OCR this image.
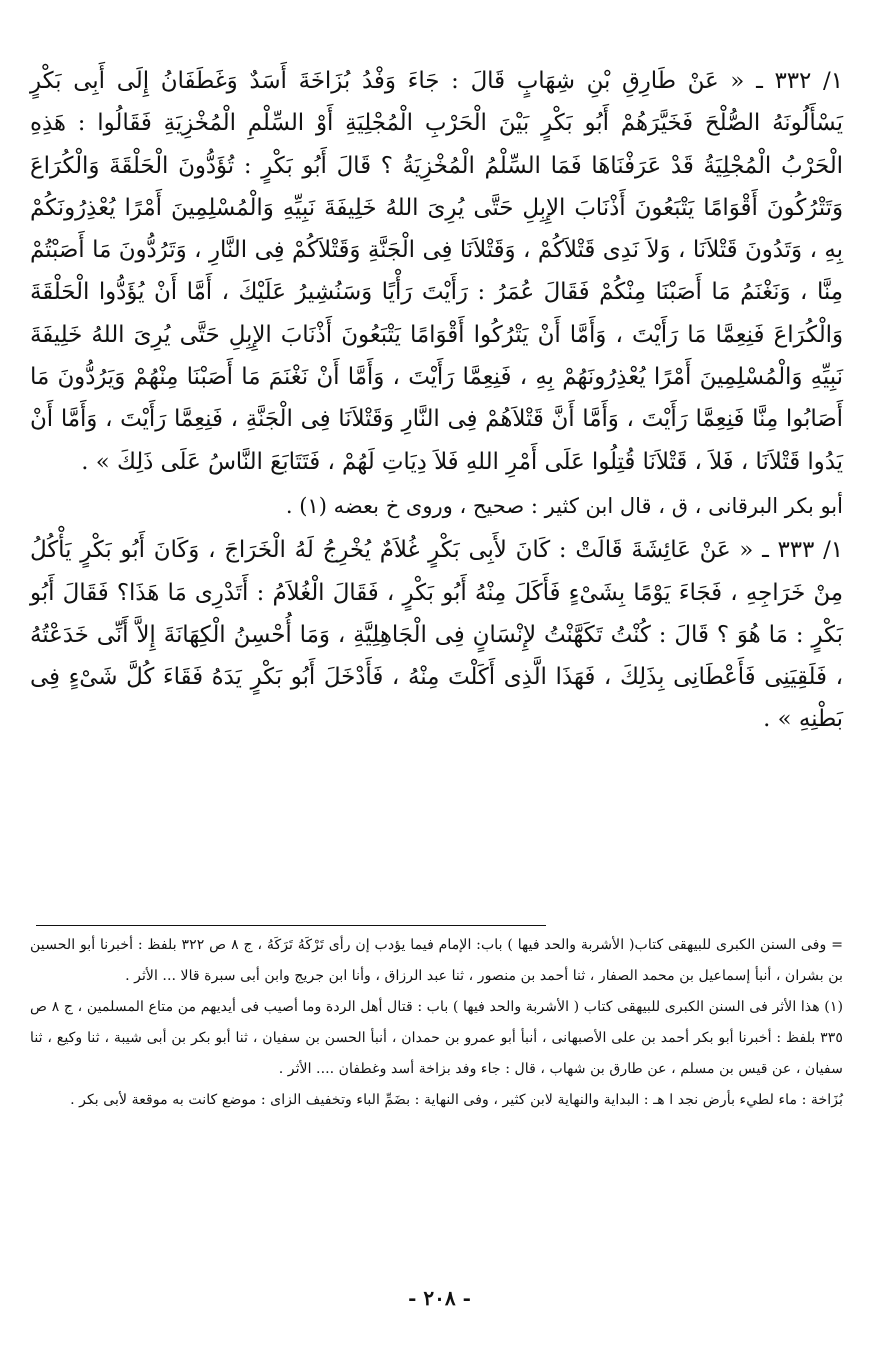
١/ ٣٣٢ ـ « عَنْ طَارِقِ بْنِ شِهَابٍ قَالَ : جَاءَ وَفْدُ بُزَاخَةَ أَسَدٌ وَغَطَفَانُ إِلَى أَبِى بَكْرٍ يَسْأَلُونَهُ الصُّلْحَ فَخَيَّرَهُمْ أَبُو بَكْرٍ بَيْنَ الْحَرْبِ الْمُجْلِيَةِ أَوْ السِّلْمِ الْمُخْزِيَةِ فَقَالُوا : هَذِهِ الْحَرْبُ الْمُجْلِيَةُ قَدْ عَرَفْنَاهَا فَمَا السِّلْمُ الْمُخْزِيَةُ ؟ قَالَ أَبُو بَكْرٍ : تُؤَدُّونَ الْحَلْقَةَ وَالْكُرَاعَ وَتَتْرُكُونَ أَقْوَامًا يَتْبَعُونَ أَذْنَابَ الإِبِلِ حَتَّى يُرِىَ اللهُ خَلِيفَةَ نَبِيِّهِ وَالْمُسْلِمِينَ أَمْرًا يُعْذِرُونَكُمْ بِهِ ، وَتَدُونَ قَتْلاَنَا ، وَلاَ نَدِى قَتْلاَكُمْ ، وَقَتْلاَنَا فِى الْجَنَّةِ وَقَتْلاَكُمْ فِى النَّارِ ، وَتَرُدُّونَ مَا أَصَبْتُمْ مِنَّا ، وَنَغْنَمُ مَا أَصَبْنَا مِنْكُمْ فَقَالَ عُمَرُ : رَأَيْتَ رَأْيًا وَسَنُشِيرُ عَلَيْكَ ، أَمَّا أَنْ يُؤَدُّوا الْحَلْقَةَ وَالْكُرَاعَ فَنِعِمَّا مَا رَأَيْتَ ، وَأَمَّا أَنْ يَتْرُكُوا أَقْوَامًا يَتْبَعُونَ أَذْنَابَ الإِبِلِ حَتَّى يُرِىَ اللهُ خَلِيفَةَ نَبِيِّهِ وَالْمُسْلِمِينَ أَمْرًا يُعْذِرُونَهُمْ بِهِ ، فَنِعِمَّا رَأَيْتَ ، وَأَمَّا أَنْ نَغْنَمَ مَا أَصَبْنَا مِنْهُمْ وَيَرُدُّونَ مَا أَصَابُوا مِنَّا فَنِعِمَّا رَأَيْتَ ، وَأَمَّا أَنَّ قَتْلاَهُمْ فِى النَّارِ وَقَتْلاَنَا فِى الْجَنَّةِ ، فَنِعِمَّا رَأَيْتَ ، وَأَمَّا أَنْ يَدُوا قَتْلاَنَا ، فَلاَ ، قَتْلاَنَا قُتِلُوا عَلَى أَمْرِ اللهِ فَلاَ دِيَاتِ لَهُمْ ، فَتَتَابَعَ النَّاسُ عَلَى ذَلِكَ » .

أبو بكر البرقانى ، ق ، قال ابن كثير : صحيح ، وروى خ بعضه (١) .

١/ ٣٣٣ ـ « عَنْ عَائِشَةَ قَالَتْ : كَانَ لأَبِى بَكْرٍ غُلاَمٌ يُخْرِجُ لَهُ الْخَرَاجَ ، وَكَانَ أَبُو بَكْرٍ يَأْكُلُ مِنْ خَرَاجِهِ ، فَجَاءَ يَوْمًا بِشَىْءٍ فَأَكَلَ مِنْهُ أَبُو بَكْرٍ ، فَقَالَ الْغُلاَمُ : أَتَدْرِى مَا هَذَا؟ فَقَالَ أَبُو بَكْرٍ : مَا هُوَ ؟ قَالَ : كُنْتُ تَكَهَّنْتُ لإِنْسَانٍ فِى الْجَاهِلِيَّةِ ، وَمَا أُحْسِنُ الْكِهَانَةَ إِلاَّ أَنِّى خَدَعْتُهُ ، فَلَقِيَنِى فَأَعْطَانِى بِذَلِكَ ، فَهَذَا الَّذِى أَكَلْتَ مِنْهُ ، فَأَدْخَلَ أَبُو بَكْرٍ يَدَهُ فَقَاءَ كُلَّ شَىْءٍ فِى بَطْنِهِ » .

= وفى السنن الكبرى للبيهقى كتاب( الأشربة والحد فيها ) باب: الإمام فيما يؤدب إن رأى تَرْكَهُ تَرَكَهُ ، ج ٨ ص ٣٢٢ بلفظ : أخبرنا أبو الحسين بن بشران ، أنبأ إسماعيل بن محمد الصفار ، ثنا أحمد بن منصور ، ثنا عبد الرزاق ، وأنا ابن جريج وابن أبى سبرة قالا ... الأثر .

(١) هذا الأثر فى السنن الكبرى للبيهقى كتاب ( الأشربة والحد فيها ) باب : قتال أهل الردة وما أصيب فى أيديهم من متاع المسلمين ، ج ٨ ص ٣٣٥ بلفظ : أخبرنا أبو بكر أحمد بن على الأصبهانى ، أنبأ أبو عمرو بن حمدان ، أنبأ الحسن بن سفيان ، ثنا أبو بكر بن أبى شيبة ، ثنا وكيع ، ثنا سفيان ، عن قيس بن مسلم ، عن طارق بن شهاب ، قال : جاء وفد بزاخة أسد وغطفان .... الأثر .

بُزَاخة : ماء لطيء بأرض نجد ا هـ : البداية والنهاية لابن كثير ، وفى النهاية : بضَمِّ الباء وتخفيف الزاى : موضع كانت به موقعة لأبى بكر .

- ٢٠٨ -
